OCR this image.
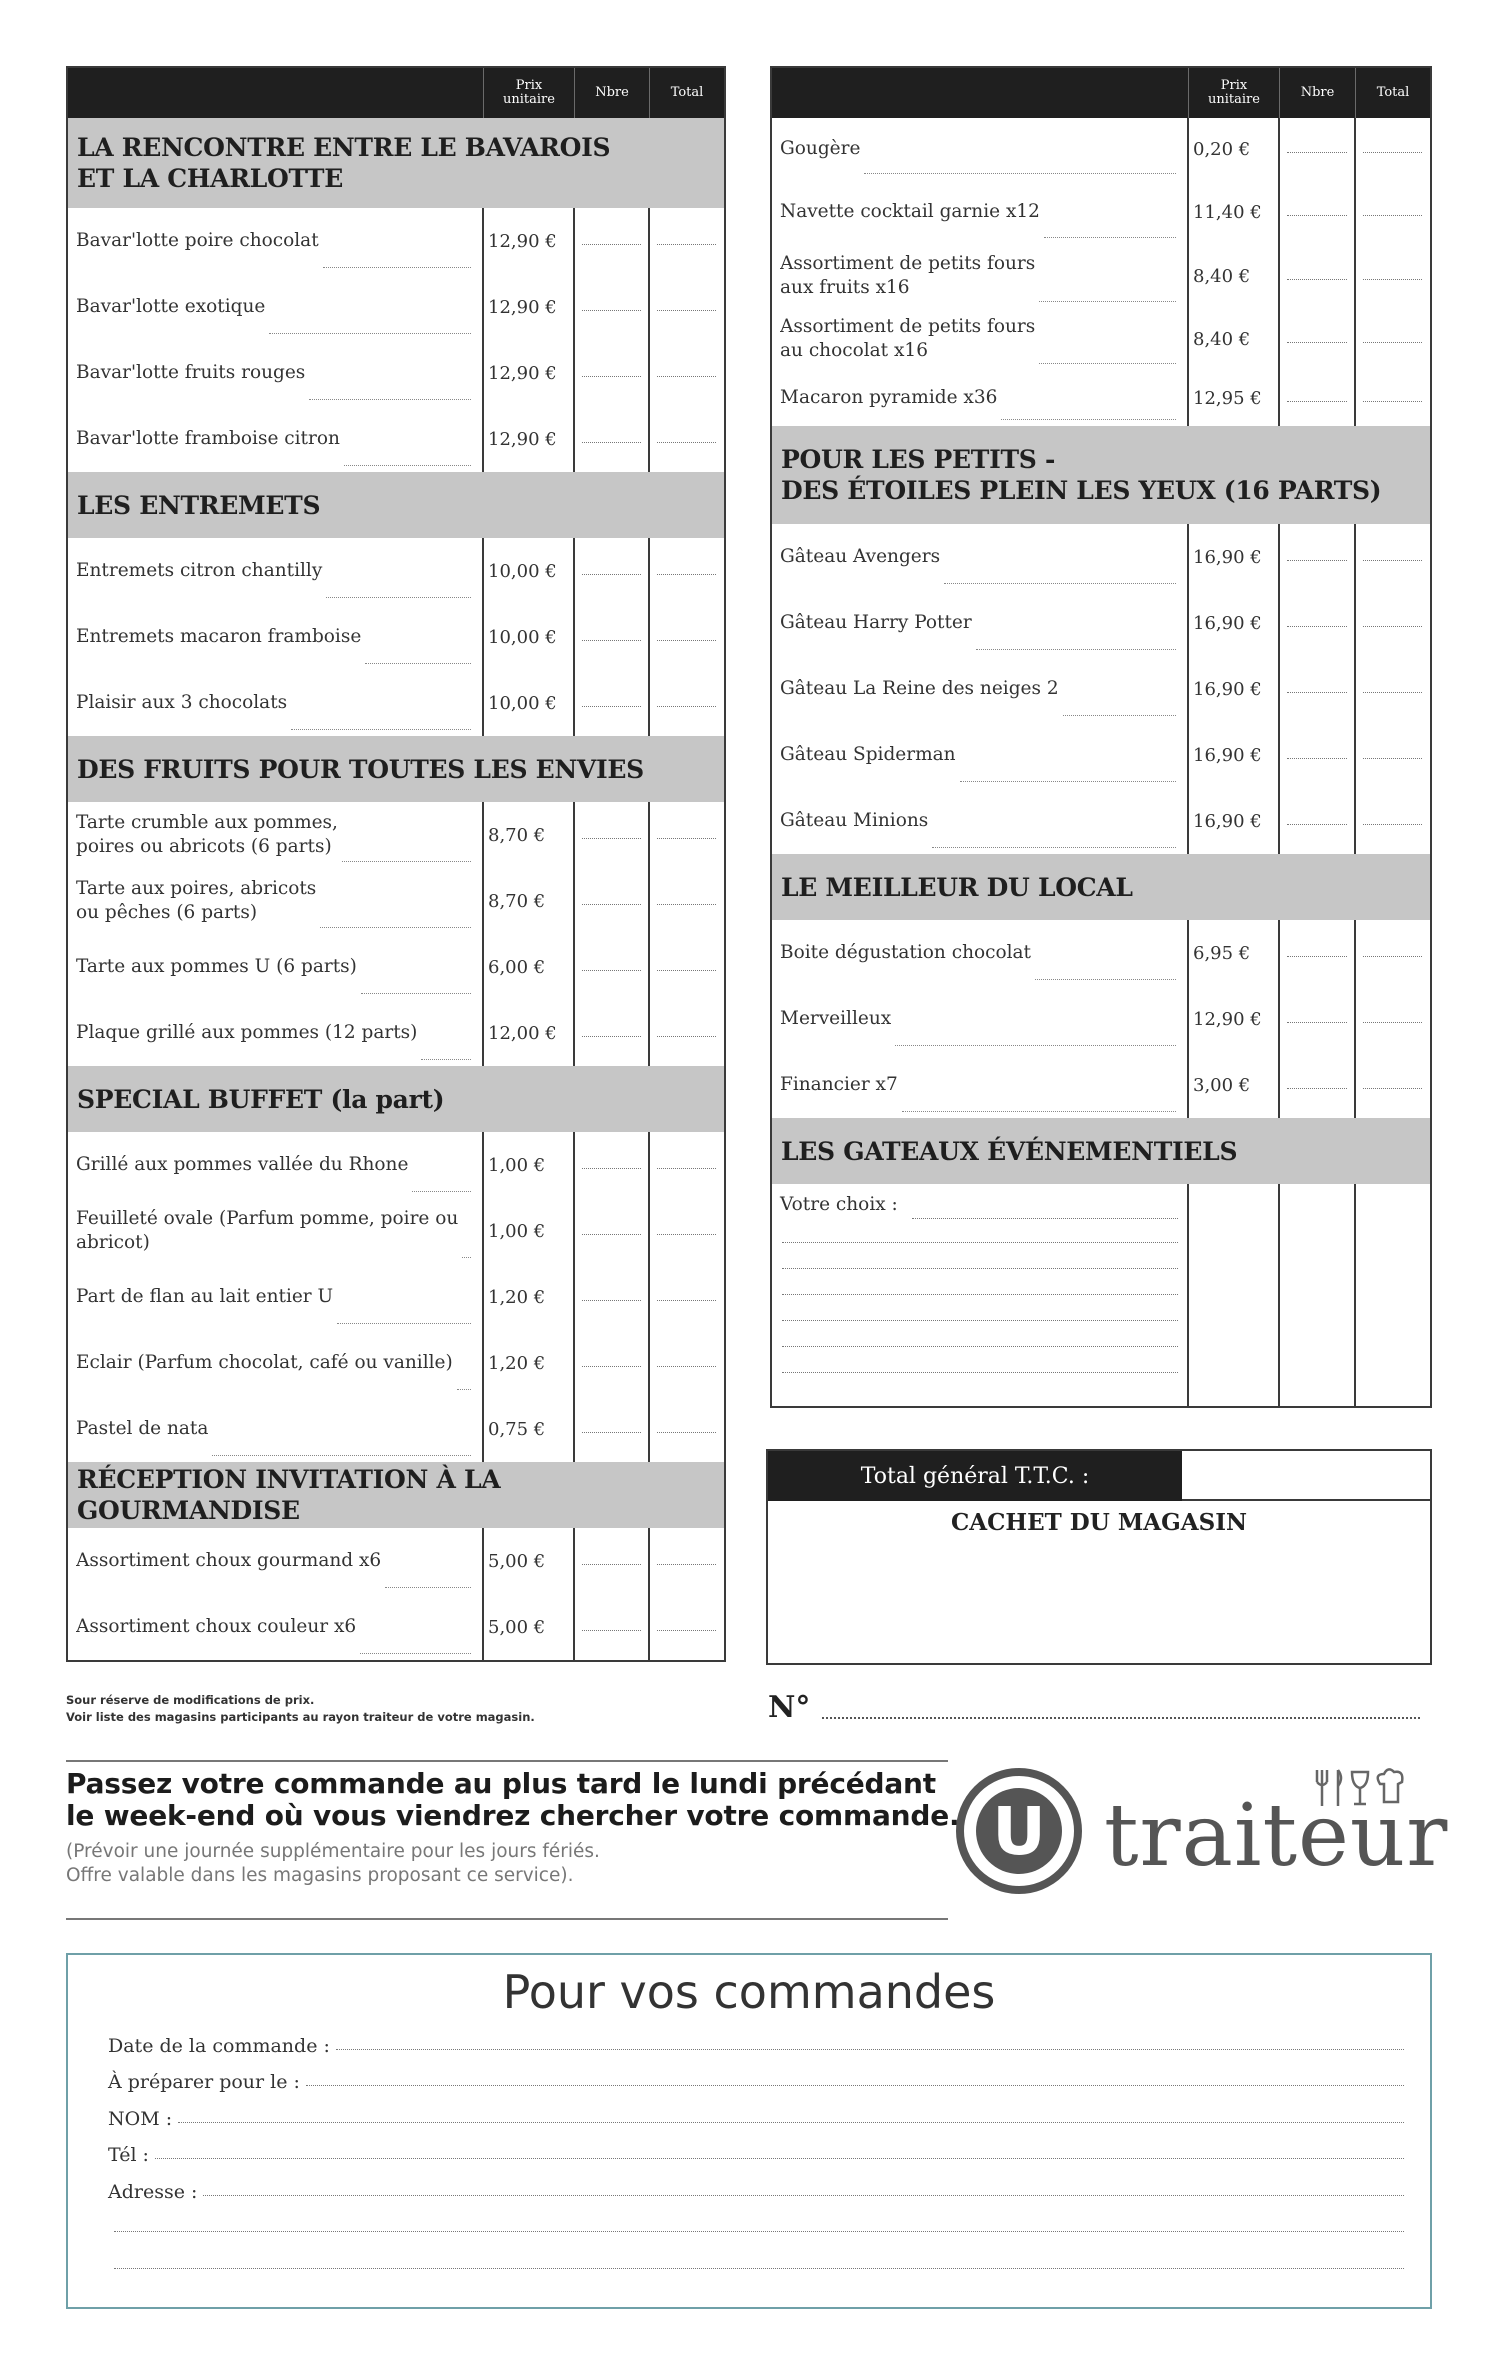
Prix
unitaire	Nbre	Total
LA RENCONTRE ENTRE LE BAVAROIS
ET LA CHARLOTTE
Bavar'lotte poire chocolat	12,90 €
Bavar'lotte exotique	12,90 €
Bavar'lotte fruits rouges	12,90 €
Bavar'lotte framboise citron	12,90 €
LES ENTREMETS
Entremets citron chantilly	10,00 €
Entremets macaron framboise	10,00 €
Plaisir aux 3 chocolats	10,00 €
DES FRUITS POUR TOUTES LES ENVIES
Tarte crumble aux pommes,
poires ou abricots (6 parts)
8,70 €
Tarte aux poires, abricots
ou pêches (6 parts)
8,70 €
Tarte aux pommes U (6 parts)	6,00 €
Plaque grillé aux pommes (12 parts)	12,00 €
SPECIAL BUFFET (la part)
Grillé aux pommes vallée du Rhone	1,00 €
Feuilleté ovale (Parfum pomme, poire ou
abricot)
1,00 €
Part de flan au lait entier U	1,20 €
Eclair (Parfum chocolat, café ou vanille) 1,20 €
Pastel de nata	0,75 €
RÉCEPTION INVITATION À LA GOURMANDISE
Assortiment choux gourmand x6	5,00 €
Assortiment choux couleur x6	5,00 €
Prix
unitaire	Nbre	Total
Gougère	0,20 €
Navette cocktail garnie x12	11,40 €
Assortiment de petits fours
aux fruits x16
8,40 €
Assortiment de petits fours
au chocolat x16
8,40 €
Macaron pyramide x36	12,95 €
POUR LES PETITS -
DES ÉTOILES PLEIN LES YEUX (16 PARTS)
Gâteau Avengers	16,90 €
Gâteau Harry Potter	16,90 €
Gâteau La Reine des neiges 2	16,90 €
Gâteau Spiderman	16,90 €
Gâteau Minions	16,90 €
LE MEILLEUR DU LOCAL
Boite dégustation chocolat	6,95 €
Merveilleux	12,90 €
Financier x7	3,00 €
LES GATEAUX ÉVÉNEMENTIELS
Votre choix :
Total général T.T.C. :
CACHET DU MAGASIN
Sour réserve de modifications de prix.
Voir liste des magasins participants au rayon traiteur de votre magasin.	N°
Passez votre commande au plus tard le lundi précédant
le week-end où vous viendrez chercher votre commande.
(Prévoir une journée supplémentaire pour les jours fériés.
Offre valable dans les magasins proposant ce service).
U traiteur
Pour vos commandes
Date de la commande :
À préparer pour le :
NOM :
Tél :
Adresse :
